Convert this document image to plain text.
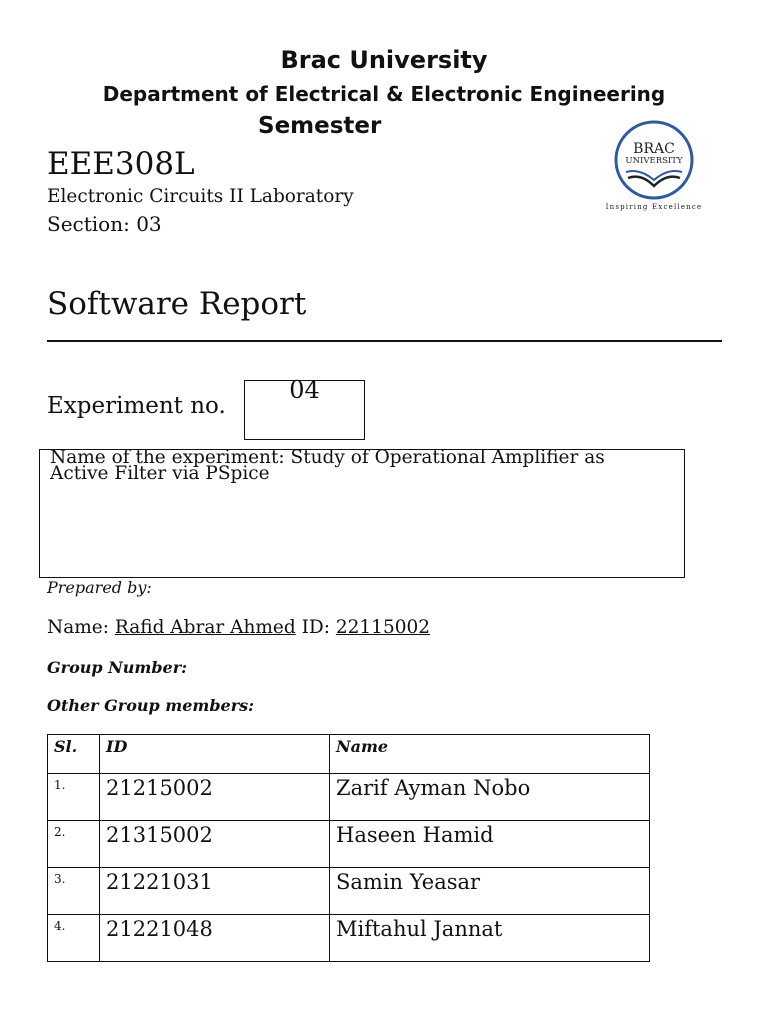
Brac University
Department of Electrical & Electronic Engineering
Semester
EEE308L
Electronic Circuits II Laboratory
Section: 03
BRAC
UNIVERSITY
Inspiring Excellence
Software Report
Experiment no.
04
Name of the experiment: Study of Operational Amplifier as
Active Filter via PSpice
Prepared by:
Name: Rafid Abrar Ahmed ID: 22115002
Group Number:
Other Group members:
Sl.	ID	Name
1.	21215002	Zarif Ayman Nobo
2.	21315002	Haseen Hamid
3.	21221031	Samin Yeasar
4.	21221048	Miftahul Jannat
